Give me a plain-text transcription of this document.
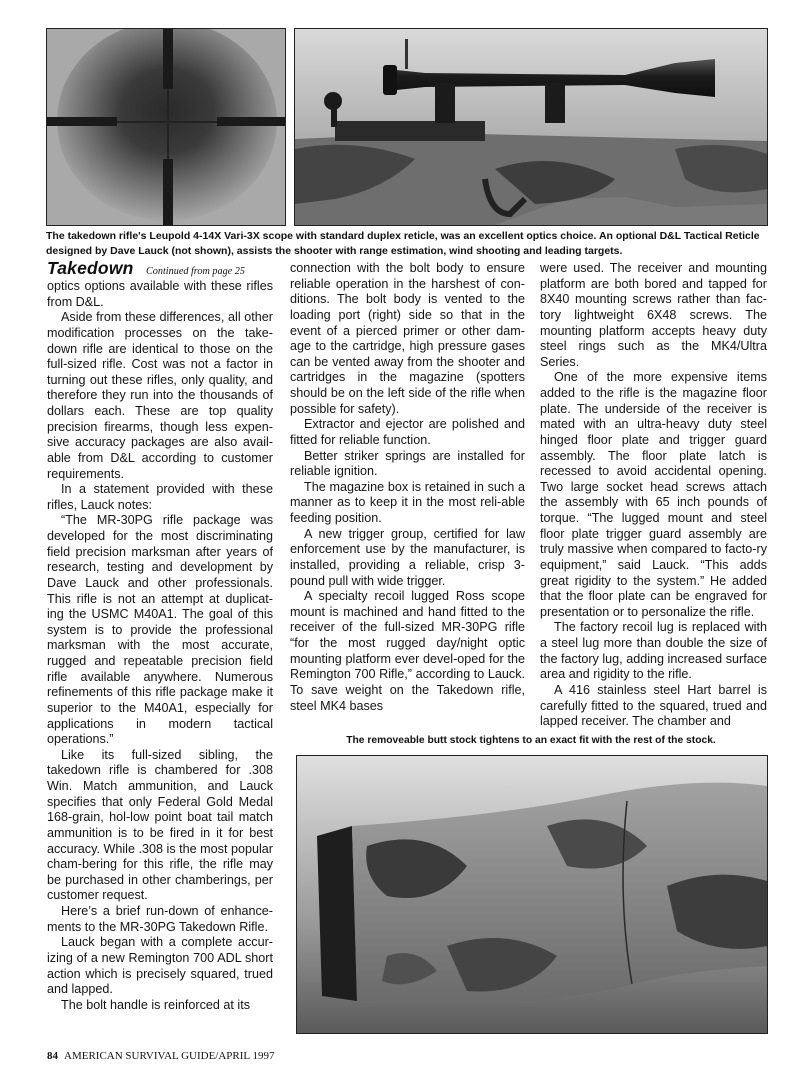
The takedown rifle's Leupold 4-14X Vari-3X scope with standard duplex reticle, was an excellent optics choice. An optional D&L Tactical Reticle designed by Dave Lauck (not shown), assists the shooter with range estimation, wind shooting and leading targets.
Takedown Continued from page 25

optics options available with these rifles from D&L.

Aside from these differences, all other modification processes on the take-down rifle are identical to those on the full-sized rifle. Cost was not a factor in turning out these rifles, only quality, and therefore they run into the thousands of dollars each. These are top quality precision firearms, though less expen-sive accuracy packages are also avail-able from D&L according to customer requirements.

In a statement provided with these rifles, Lauck notes:

“The MR-30PG rifle package was developed for the most discriminating field precision marksman after years of research, testing and development by Dave Lauck and other professionals. This rifle is not an attempt at duplicat-ing the USMC M40A1. The goal of this system is to provide the professional marksman with the most accurate, rugged and repeatable precision field rifle available anywhere. Numerous refinements of this rifle package make it superior to the M40A1, especially for applications in modern tactical operations.”

Like its full-sized sibling, the takedown rifle is chambered for .308 Win. Match ammunition, and Lauck specifies that only Federal Gold Medal 168-grain, hol-low point boat tail match ammunition is to be fired in it for best accuracy. While .308 is the most popular cham-bering for this rifle, the rifle may be purchased in other chamberings, per customer request.

Here’s a brief run-down of enhance-ments to the MR-30PG Takedown Rifle.

Lauck began with a complete accur-izing of a new Remington 700 ADL short action which is precisely squared, trued and lapped.

The bolt handle is reinforced at its

connection with the bolt body to ensure reliable operation in the harshest of con-ditions. The bolt body is vented to the loading port (right) side so that in the event of a pierced primer or other dam-age to the cartridge, high pressure gases can be vented away from the shooter and cartridges in the magazine (spotters should be on the left side of the rifle when possible for safety).

Extractor and ejector are polished and fitted for reliable function.

Better striker springs are installed for reliable ignition.

The magazine box is retained in such a manner as to keep it in the most reli-able feeding position.

A new trigger group, certified for law enforcement use by the manufacturer, is installed, providing a reliable, crisp 3-pound pull with wide trigger.

A specialty recoil lugged Ross scope mount is machined and hand fitted to the receiver of the full-sized MR-30PG rifle “for the most rugged day/night optic mounting platform ever devel-oped for the Remington 700 Rifle,” according to Lauck. To save weight on the Takedown rifle, steel MK4 bases

were used. The receiver and mounting platform are both bored and tapped for 8X40 mounting screws rather than fac-tory lightweight 6X48 screws. The mounting platform accepts heavy duty steel rings such as the MK4/Ultra Series.

One of the more expensive items added to the rifle is the magazine floor plate. The underside of the receiver is mated with an ultra-heavy duty steel hinged floor plate and trigger guard assembly. The floor plate latch is recessed to avoid accidental opening. Two large socket head screws attach the assembly with 65 inch pounds of torque. “The lugged mount and steel floor plate trigger guard assembly are truly massive when compared to facto-ry equipment,” said Lauck. “This adds great rigidity to the system.” He added that the floor plate can be engraved for presentation or to personalize the rifle.

The factory recoil lug is replaced with a steel lug more than double the size of the factory lug, adding increased surface area and rigidity to the rifle.

A 416 stainless steel Hart barrel is carefully fitted to the squared, trued and lapped receiver. The chamber and

The removeable butt stock tightens to an exact fit with the rest of the stock.
84 AMERICAN SURVIVAL GUIDE/APRIL 1997
